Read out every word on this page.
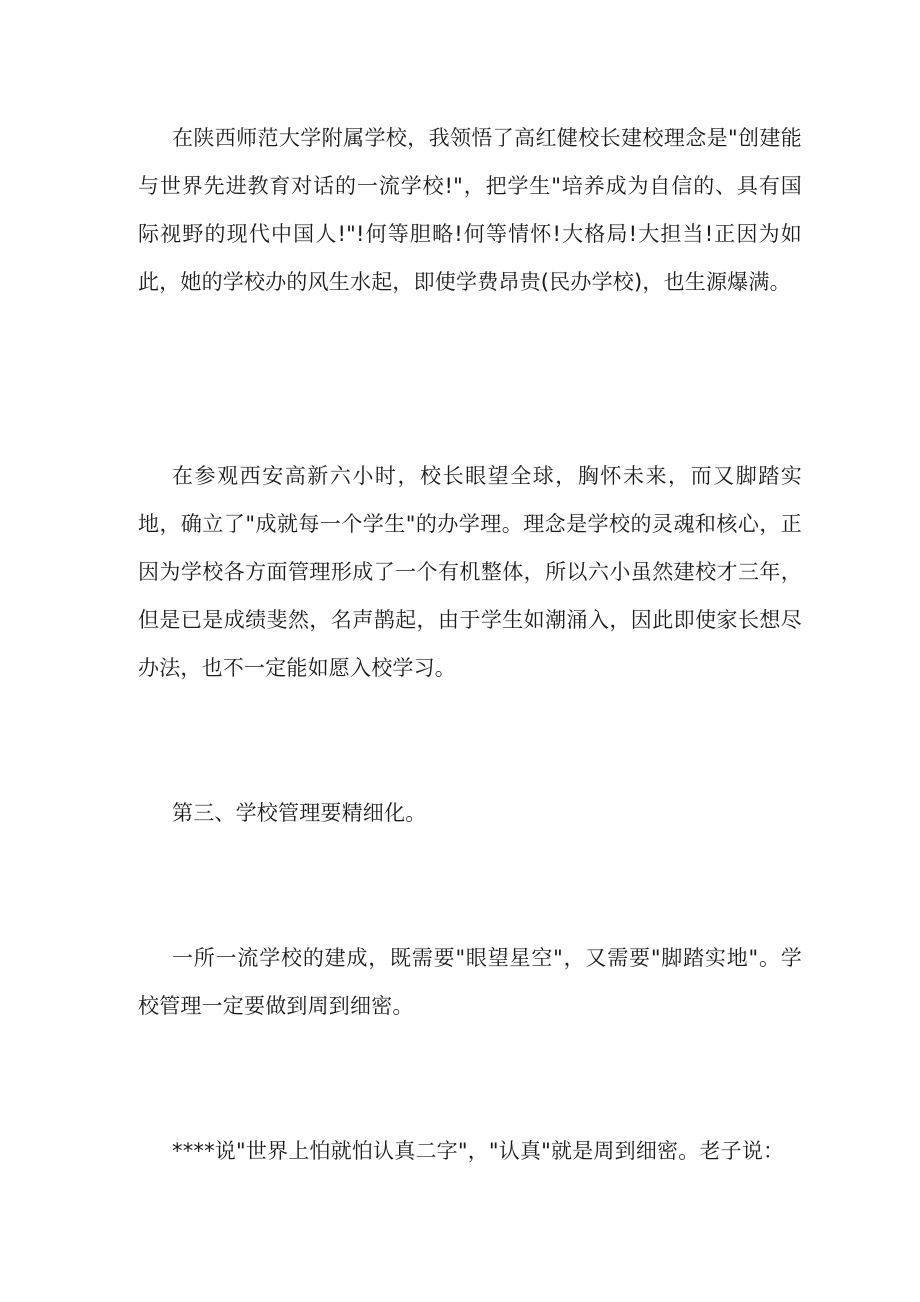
在陕西师范大学附属学校，我领悟了高红健校长建校理念是"创建能与世界先进教育对话的一流学校!"，把学生"培养成为自信的、具有国际视野的现代中国人!"!何等胆略!何等情怀!大格局!大担当!正因为如此，她的学校办的风生水起，即使学费昂贵(民办学校)，也生源爆满。

在参观西安高新六小时，校长眼望全球，胸怀未来，而又脚踏实地，确立了"成就每一个学生"的办学理。理念是学校的灵魂和核心，正因为学校各方面管理形成了一个有机整体，所以六小虽然建校才三年，但是已是成绩斐然，名声鹊起，由于学生如潮涌入，因此即使家长想尽办法，也不一定能如愿入校学习。

第三、学校管理要精细化。

一所一流学校的建成，既需要"眼望星空"，又需要"脚踏实地"。学校管理一定要做到周到细密。

****说"世界上怕就怕认真二字"，"认真"就是周到细密。老子说：
